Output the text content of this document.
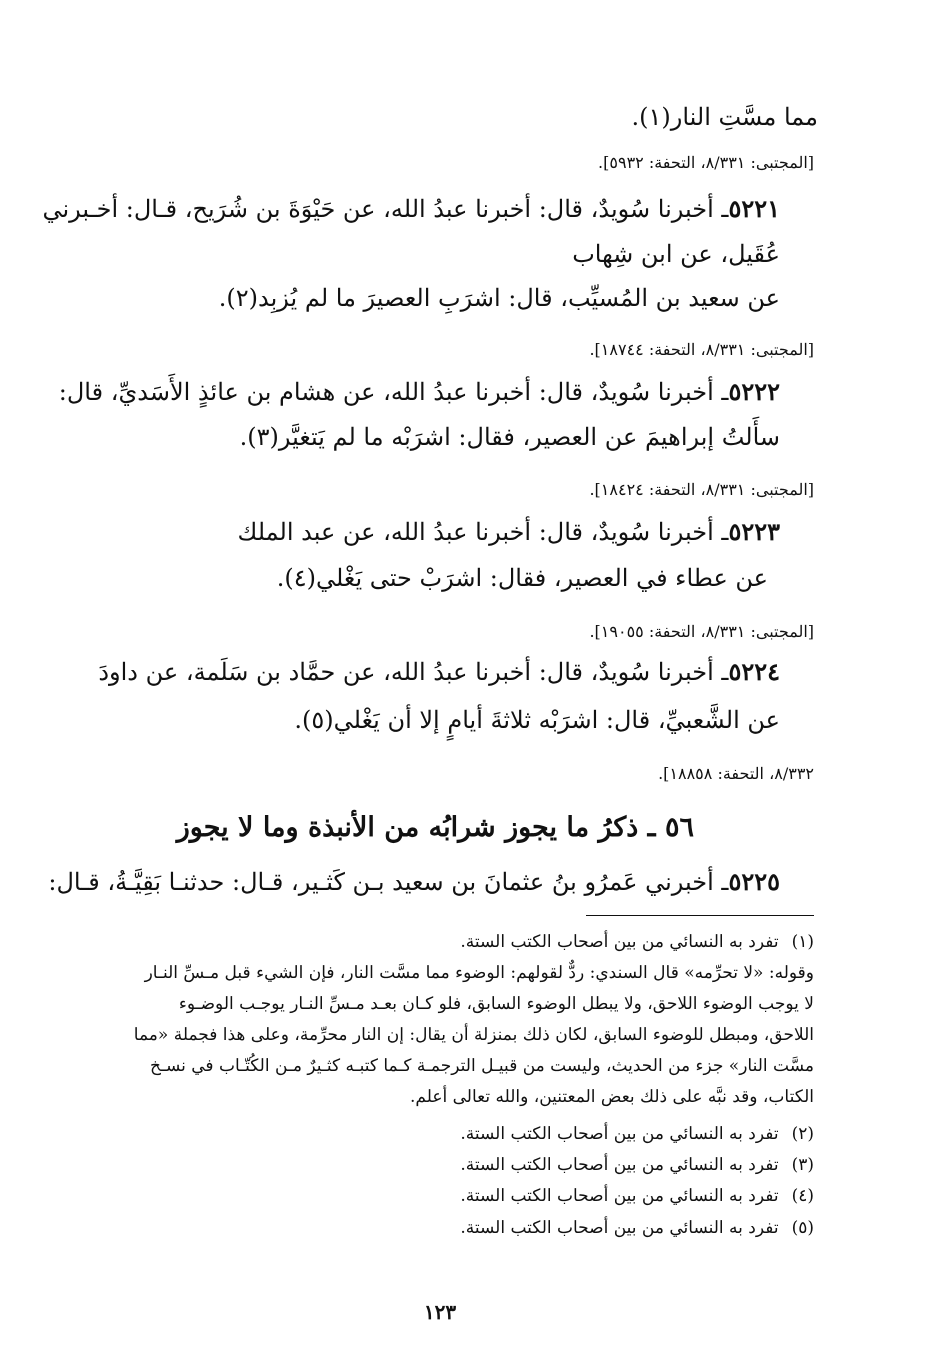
مما مسَّتِ النار(١).
[المجتبى: ٨/٣٣١، التحفة: ٥٩٣٢].
٥٢٢١ـ أخبرنا سُويدٌ، قال: أخبرنا عبدُ الله، عن حَيْوَةَ بن شُرَيح، قـال: أخـبرني
عُقَيل، عن ابن شِهاب
عن سعيد بن المُسيِّب، قال: اشرَبِ العصيرَ ما لم يُزبِد(٢).
[المجتبى: ٨/٣٣١، التحفة: ١٨٧٤٤].
٥٢٢٢ـ أخبرنا سُويدٌ، قال: أخبرنا عبدُ الله، عن هشام بن عائذٍ الأَسَديِّ، قال:
سأَلتُ إبراهيمَ عن العصير، فقال: اشرَبْه ما لم يَتغيَّر(٣).
[المجتبى: ٨/٣٣١، التحفة: ١٨٤٢٤].
٥٢٢٣ـ أخبرنا سُويدٌ، قال: أخبرنا عبدُ الله، عن عبد الملك
عن عطاء في العصير، فقال: اشرَبْ حتى يَغْلي(٤).
[المجتبى: ٨/٣٣١، التحفة: ١٩٠٥٥].
٥٢٢٤ـ أخبرنا سُويدٌ، قال: أخبرنا عبدُ الله، عن حمَّاد بن سَلَمة، عن داودَ
عن الشَّعبيِّ، قال: اشرَبْه ثلاثةَ أيامٍ إلا أن يَغْلي(٥).
٨/٣٣٢، التحفة: ١٨٨٥٨].
٥٦ ـ ذكرُ ما يجوز شرابُه من الأنبذة وما لا يجوز
٥٢٢٥ـ أخبرني عَمرُو بنُ عثمانَ بن سعيد بـن كَثـير، قـال: حدثنـا بَقِيَّـةُ، قـال:
(١) تفرد به النسائي من بين أصحاب الكتب الستة.
وقوله: «لا تحرِّمه» قال السندي: ردٌّ لقولهم: الوضوء مما مسَّت النار، فإن الشيء قبل مـسِّ النـار
لا يوجب الوضوء اللاحق، ولا يبطل الوضوء السابق، فلو كـان بعـد مـسِّ النـار يوجـب الوضـوء
اللاحق، ومبطل للوضوء السابق، لكان ذلك بمنزلة أن يقال: إن النار محرِّمة، وعلى هذا فجملة «مما
مسَّت النار» جزء من الحديث، وليست من قبيـل الترجمـة كـما كتبـه كثـيرٌ مـن الكُتّـاب في نسـخ
الكتاب، وقد نبَّه على ذلك بعض المعتنين، والله تعالى أعلم.
(٢) تفرد به النسائي من بين أصحاب الكتب الستة.
(٣) تفرد به النسائي من بين أصحاب الكتب الستة.
(٤) تفرد به النسائي من بين أصحاب الكتب الستة.
(٥) تفرد به النسائي من بين أصحاب الكتب الستة.
١٢٣
